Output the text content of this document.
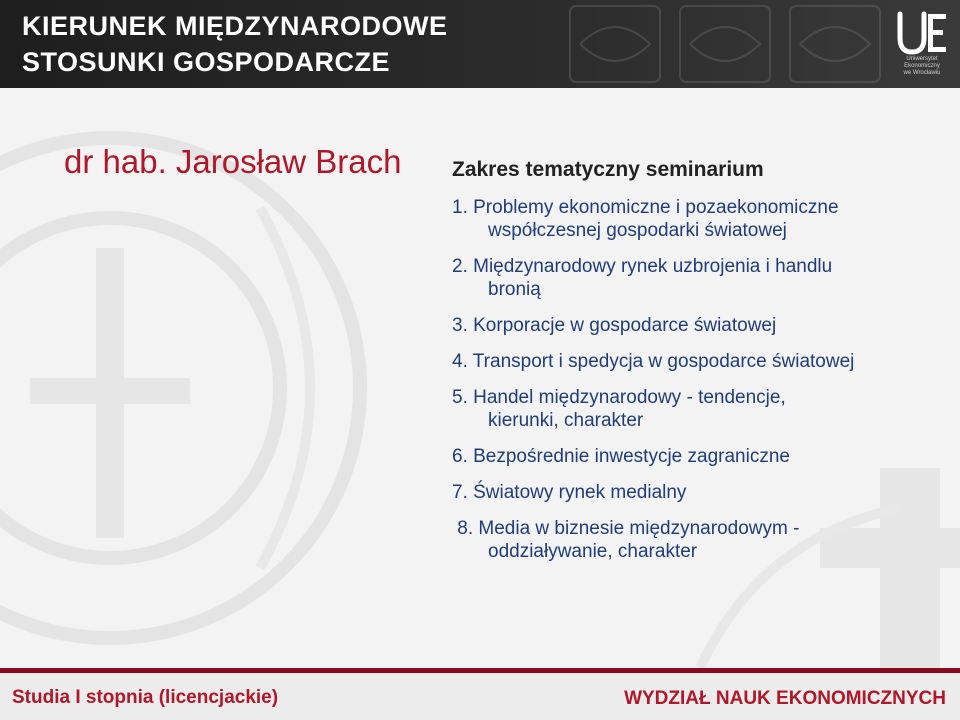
KIERUNEK MIĘDZYNARODOWE
STOSUNKI GOSPODARCZE	Uniwersytet
Ekonomiczny
we Wrocławiu
dr hab. Jarosław Brach Zakres tematyczny seminarium
1. Problemy ekonomiczne i pozaekonomiczne
współczesnej gospodarki światowej
2. Międzynarodowy rynek uzbrojenia i handlu
bronią
3. Korporacje w gospodarce światowej
4. Transport i spedycja w gospodarce światowej
5. Handel międzynarodowy - tendencje,
kierunki, charakter
6. Bezpośrednie inwestycje zagraniczne
7. Światowy rynek medialny
8. Media w biznesie międzynarodowym -
oddziaływanie, charakter
Studia I stopnia (licencjackie)	WYDZIAŁ NAUK EKONOMICZNYCH
